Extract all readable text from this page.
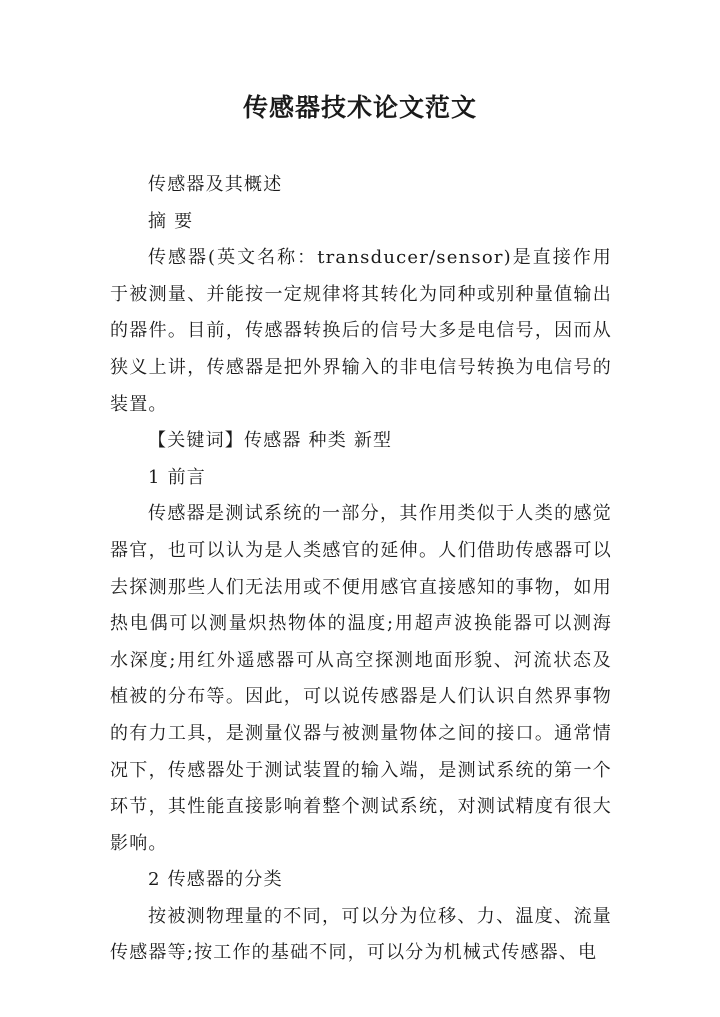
传感器技术论文范文

传感器及其概述

摘 要

传感器(英文名称：transducer/sensor)是直接作用于被测量、并能按一定规律将其转化为同种或别种量值输出的器件。目前，传感器转换后的信号大多是电信号，因而从狭义上讲，传感器是把外界输入的非电信号转换为电信号的装置。

【关键词】传感器 种类 新型

1 前言

传感器是测试系统的一部分，其作用类似于人类的感觉器官，也可以认为是人类感官的延伸。人们借助传感器可以去探测那些人们无法用或不便用感官直接感知的事物，如用热电偶可以测量炽热物体的温度;用超声波换能器可以测海水深度;用红外遥感器可从高空探测地面形貌、河流状态及植被的分布等。因此，可以说传感器是人们认识自然界事物的有力工具，是测量仪器与被测量物体之间的接口。通常情况下，传感器处于测试装置的输入端，是测试系统的第一个环节，其性能直接影响着整个测试系统，对测试精度有很大影响。

2 传感器的分类

按被测物理量的不同，可以分为位移、力、温度、流量传感器等;按工作的基础不同，可以分为机械式传感器、电
